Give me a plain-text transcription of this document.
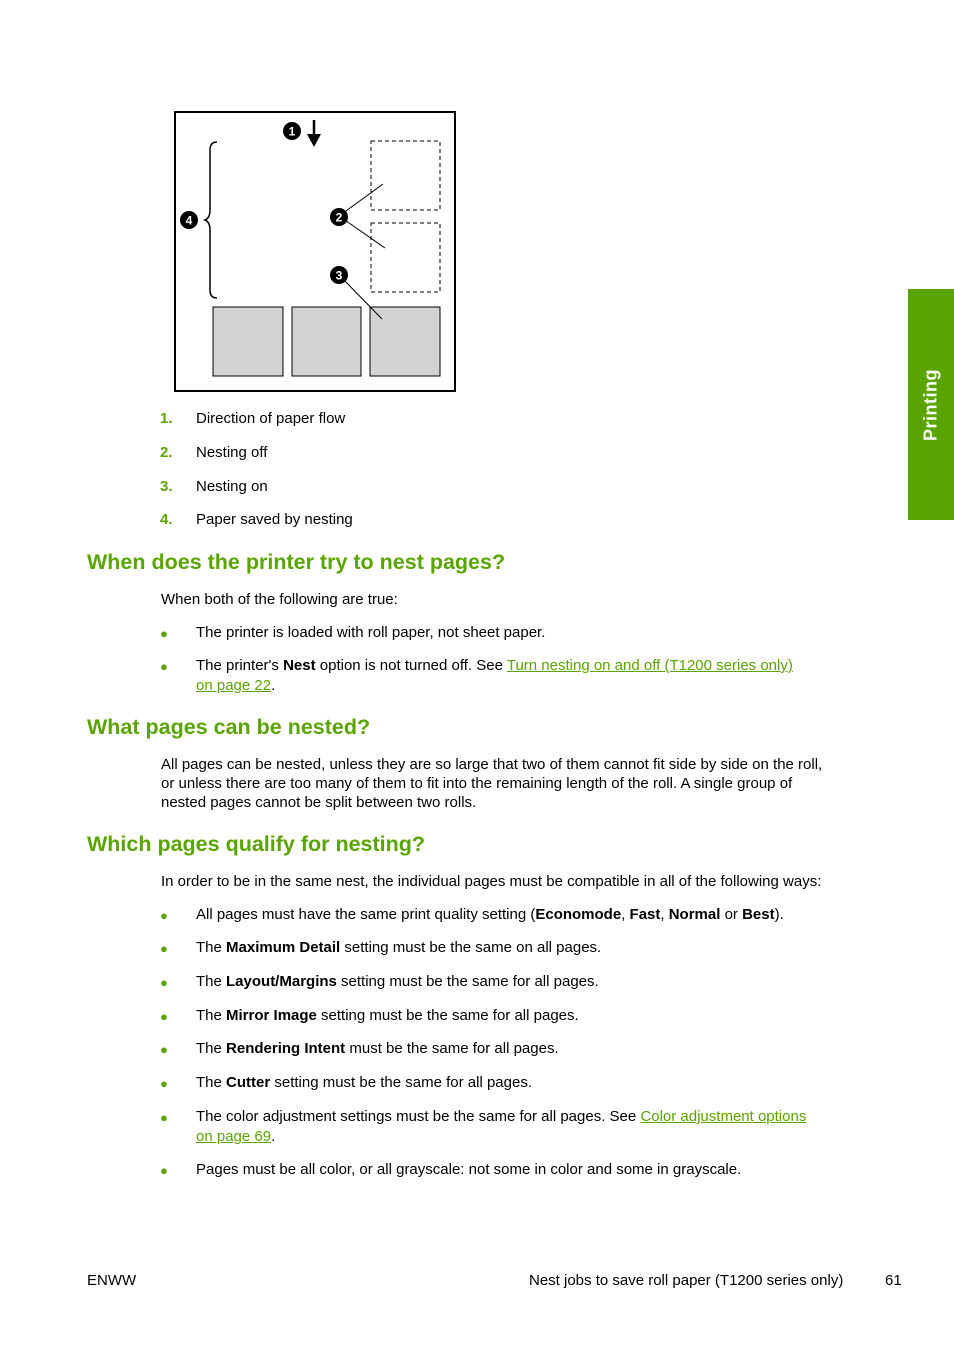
1
4	2
3
1. Direction of paper flow
2. Nesting off
3. Nesting on
4. Paper saved by nesting
When does the printer try to nest pages?

When both of the following are true:

● The printer is loaded with roll paper, not sheet paper.
● The printer's Nest option is not turned off. See Turn nesting on and off (T1200 series only)
on page 22.
What pages can be nested?
All pages can be nested, unless they are so large that two of them cannot fit side by side on the roll,
or unless there are too many of them to fit into the remaining length of the roll. A single group of
nested pages cannot be split between two rolls.
Which pages qualify for nesting?

In order to be in the same nest, the individual pages must be compatible in all of the following ways:

● All pages must have the same print quality setting (Economode, Fast, Normal or Best).
● The Maximum Detail setting must be the same on all pages.
● The Layout/Margins setting must be the same for all pages.
● The Mirror Image setting must be the same for all pages.
● The Rendering Intent must be the same for all pages.
● The Cutter setting must be the same for all pages.
● The color adjustment settings must be the same for all pages. See Color adjustment options
on page 69.
● Pages must be all color, or all grayscale: not some in color and some in grayscale.
Printing
ENWW	Nest jobs to save roll paper (T1200 series only)	61
